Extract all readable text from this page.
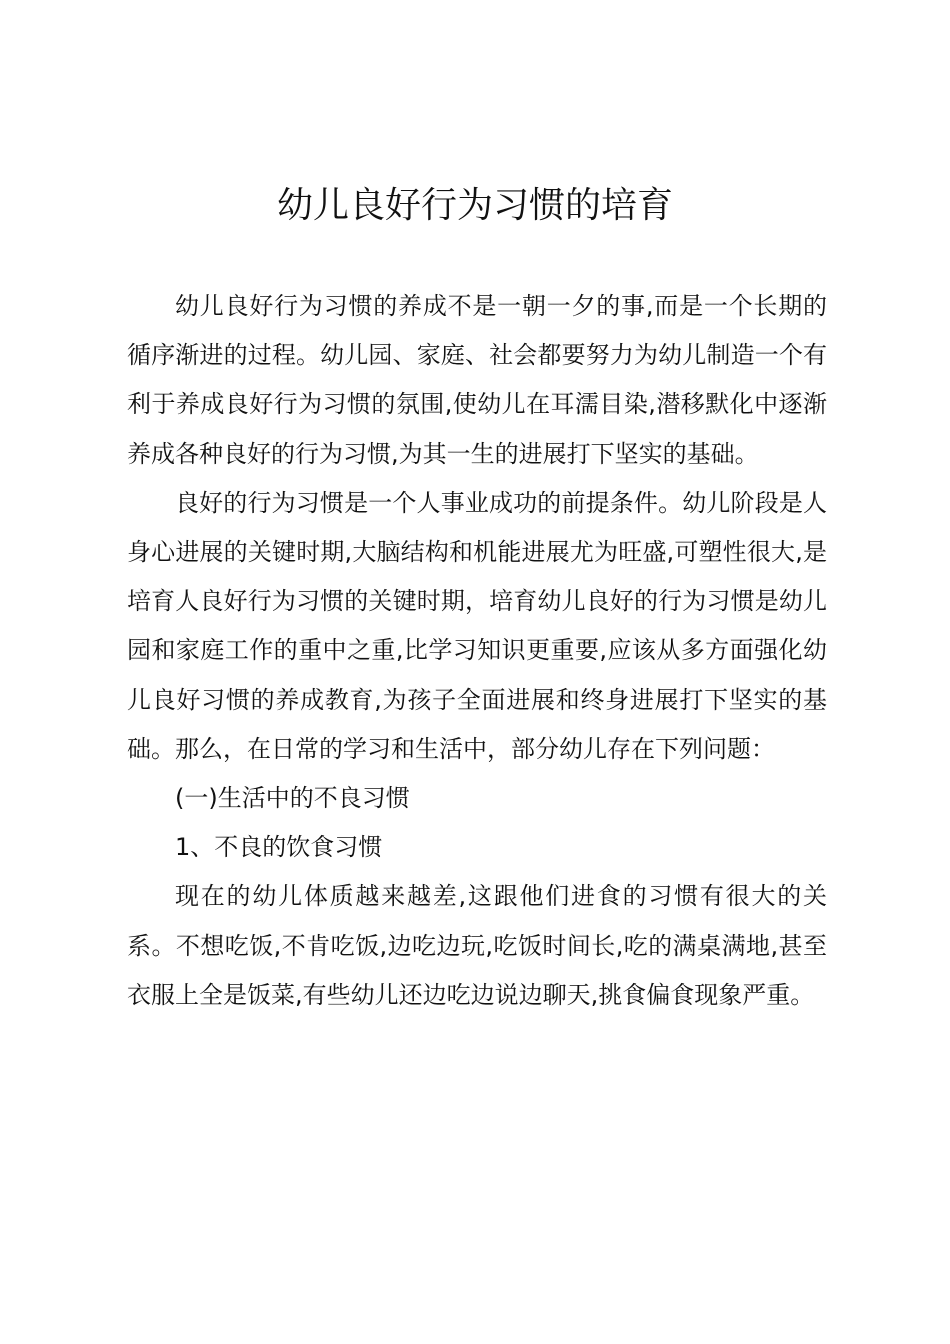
幼儿良好行为习惯的培育

幼儿良好行为习惯的养成不是一朝一夕的事,而是一个长期的循序渐进的过程。幼儿园、家庭、社会都要努力为幼儿制造一个有利于养成良好行为习惯的氛围,使幼儿在耳濡目染,潜移默化中逐渐养成各种良好的行为习惯,为其一生的进展打下坚实的基础。

良好的行为习惯是一个人事业成功的前提条件。幼儿阶段是人身心进展的关键时期,大脑结构和机能进展尤为旺盛,可塑性很大,是培育人良好行为习惯的关键时期，培育幼儿良好的行为习惯是幼儿园和家庭工作的重中之重,比学习知识更重要,应该从多方面强化幼儿良好习惯的养成教育,为孩子全面进展和终身进展打下坚实的基础。那么，在日常的学习和生活中，部分幼儿存在下列问题：

(一)生活中的不良习惯

1、不良的饮食习惯

现在的幼儿体质越来越差,这跟他们进食的习惯有很大的关系。不想吃饭,不肯吃饭,边吃边玩,吃饭时间长,吃的满桌满地,甚至衣服上全是饭菜,有些幼儿还边吃边说边聊天,挑食偏食现象严重。
